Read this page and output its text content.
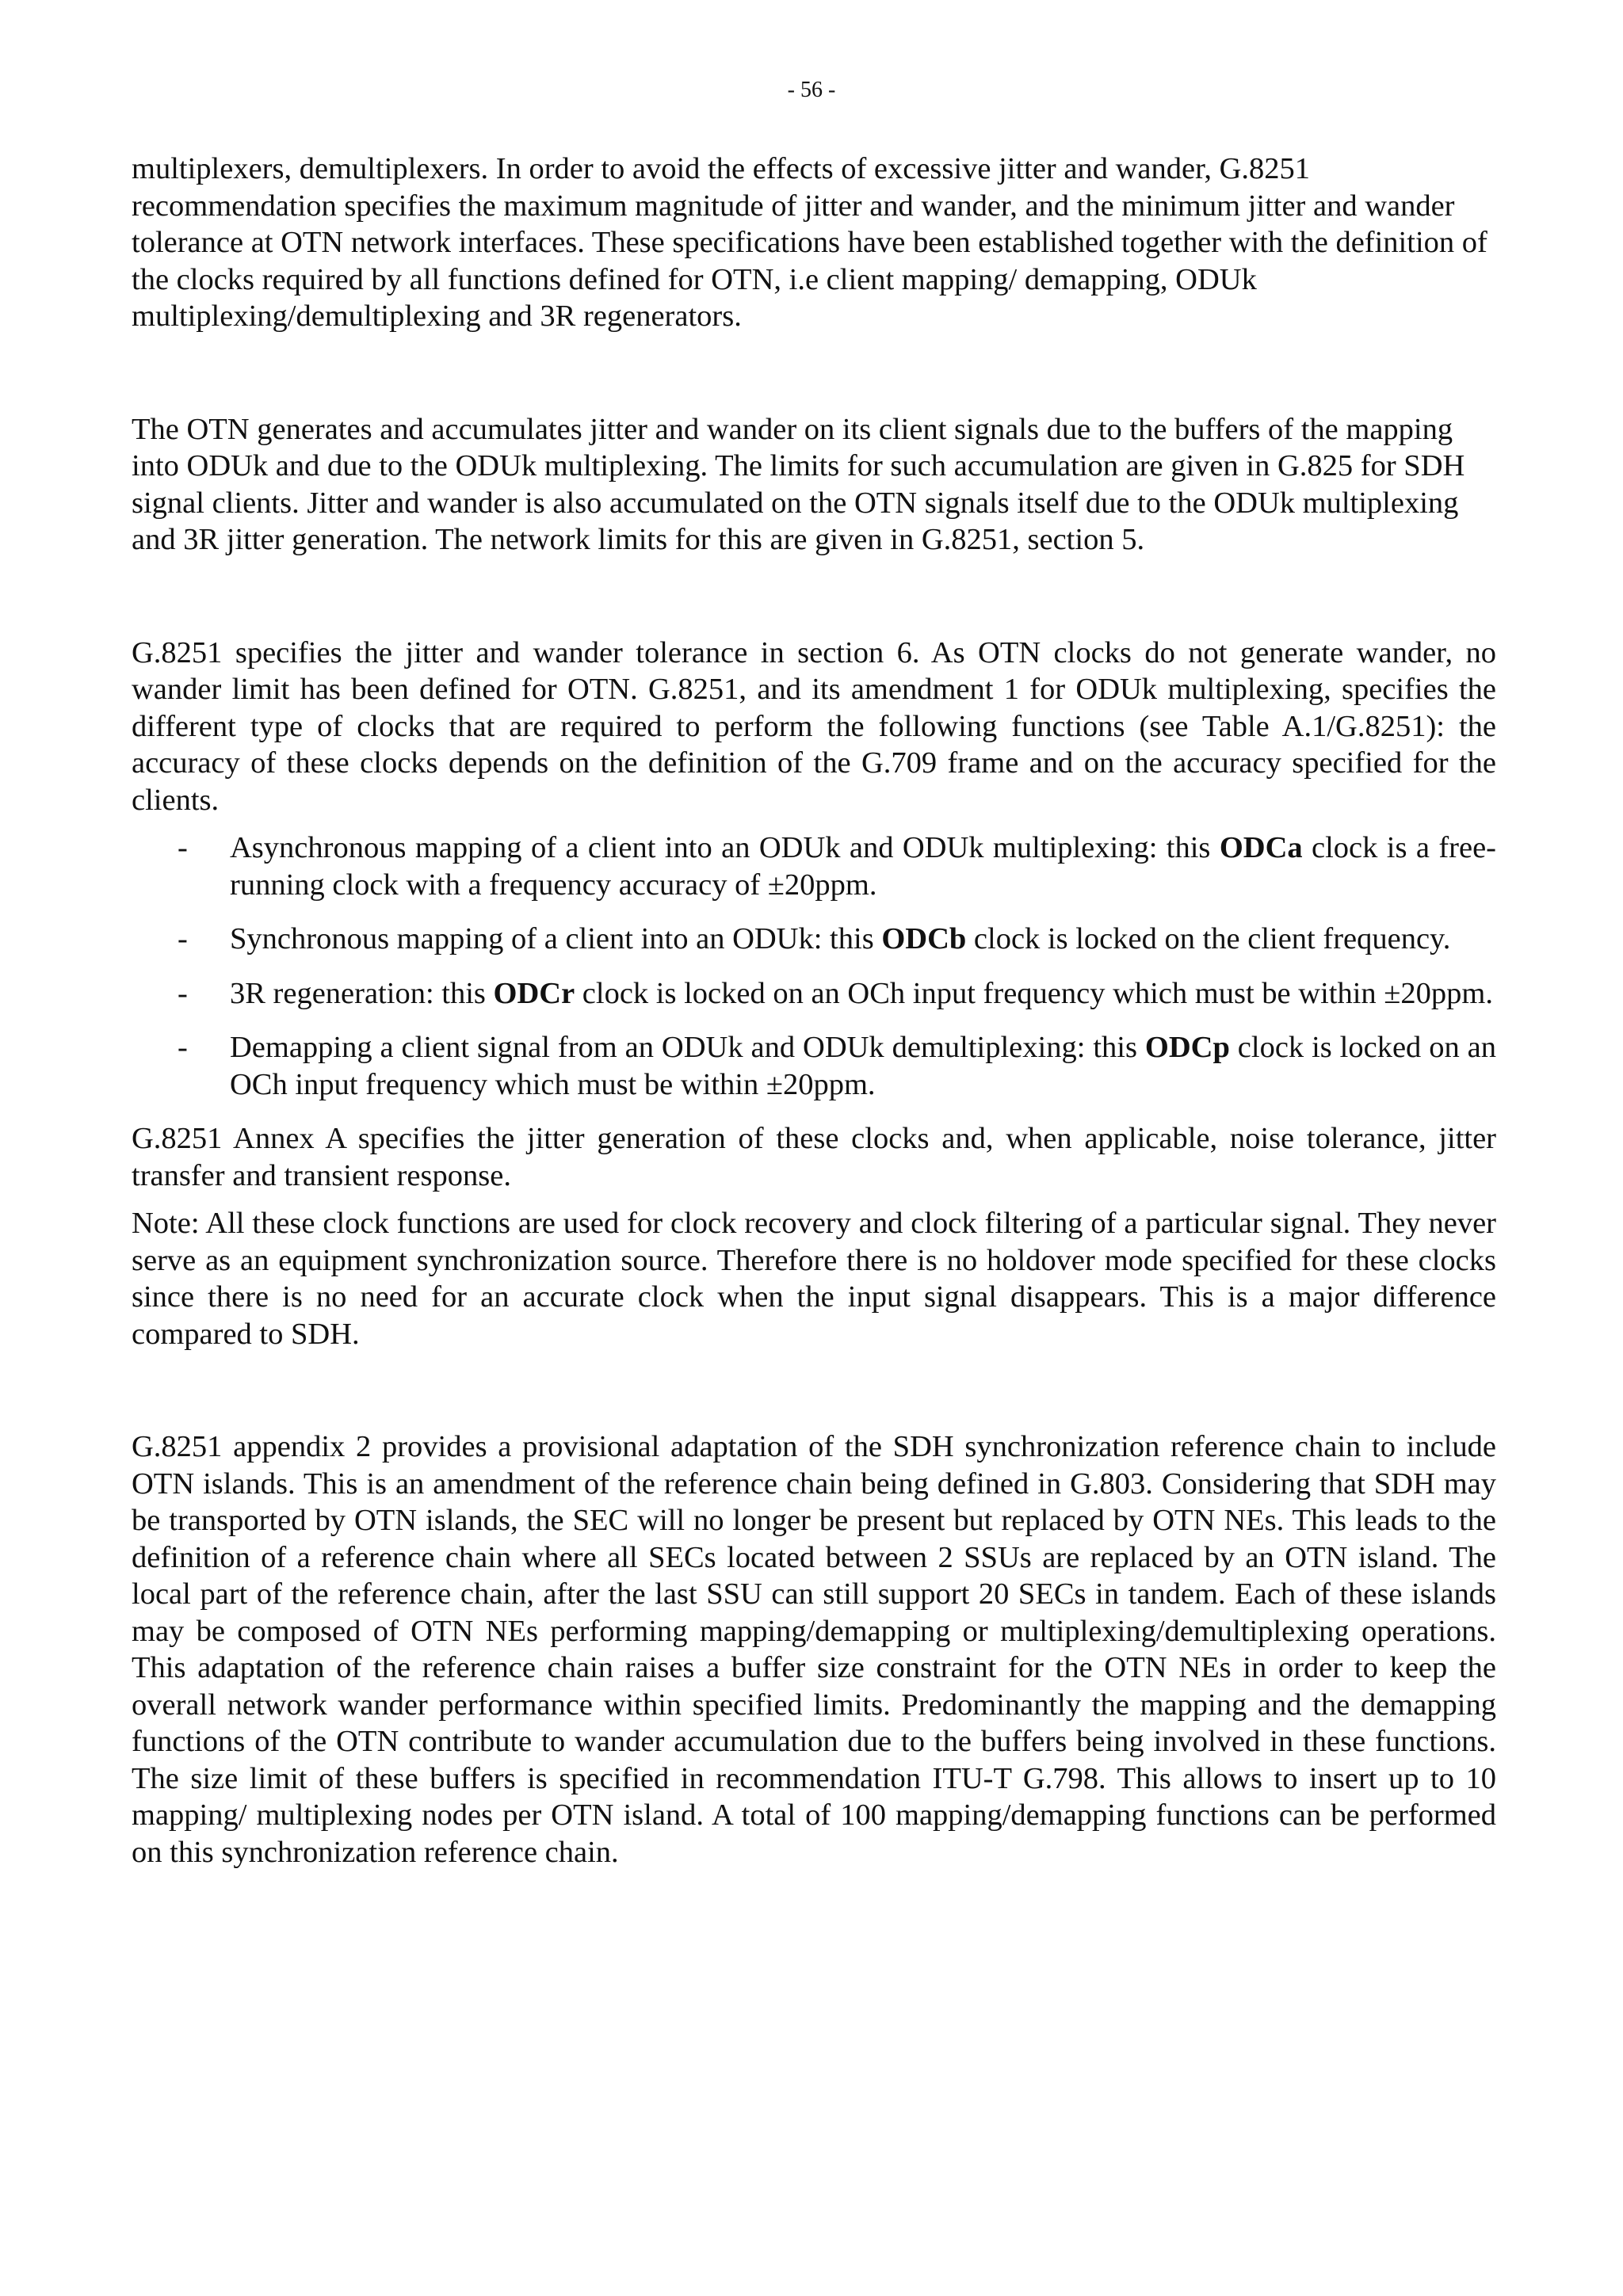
- 56 -

multiplexers, demultiplexers. In order to avoid the effects of excessive jitter and wander, G.8251 recommendation specifies the maximum magnitude of jitter and wander, and the minimum jitter and wander tolerance at OTN network interfaces. These specifications have been established together with the definition of the clocks required by all functions defined for OTN, i.e client mapping/ demapping, ODUk multiplexing/demultiplexing and 3R regenerators.

The OTN generates and accumulates jitter and wander on its client signals due to the buffers of the mapping into ODUk and due to the ODUk multiplexing. The limits for such accumulation are given in G.825 for SDH signal clients. Jitter and wander is also accumulated on the OTN signals itself due to the ODUk multiplexing and 3R jitter generation. The network limits for this are given in G.8251, section 5.

G.8251 specifies the jitter and wander tolerance in section 6. As OTN clocks do not generate wander, no wander limit has been defined for OTN. G.8251, and its amendment 1 for ODUk multiplexing, specifies the different type of clocks that are required to perform the following functions (see Table A.1/G.8251): the accuracy of these clocks depends on the definition of the G.709 frame and on the accuracy specified for the clients.

- Asynchronous mapping of a client into an ODUk and ODUk multiplexing: this ODCa clock is a free- running clock with a frequency accuracy of ±20ppm.
- Synchronous mapping of a client into an ODUk: this ODCb clock is locked on the client frequency.
- 3R regeneration: this ODCr clock is locked on an OCh input frequency which must be within ±20ppm.
- Demapping a client signal from an ODUk and ODUk demultiplexing: this ODCp clock is locked on an OCh input frequency which must be within ±20ppm.

G.8251 Annex A specifies the jitter generation of these clocks and, when applicable, noise tolerance, jitter transfer and transient response.

Note: All these clock functions are used for clock recovery and clock filtering of a particular signal. They never serve as an equipment synchronization source. Therefore there is no holdover mode specified for these clocks since there is no need for an accurate clock when the input signal disappears. This is a major difference compared to SDH.

G.8251 appendix 2 provides a provisional adaptation of the SDH synchronization reference chain to include OTN islands. This is an amendment of the reference chain being defined in G.803. Considering that SDH may be transported by OTN islands, the SEC will no longer be present but replaced by OTN NEs. This leads to the definition of a reference chain where all SECs located between 2 SSUs are replaced by an OTN island. The local part of the reference chain, after the last SSU can still support 20 SECs in tandem. Each of these islands may be composed of OTN NEs performing mapping/demapping or multiplexing/demultiplexing operations. This adaptation of the reference chain raises a buffer size constraint for the OTN NEs in order to keep the overall network wander performance within specified limits. Predominantly the mapping and the demapping functions of the OTN contribute to wander accumulation due to the buffers being involved in these functions. The size limit of these buffers is specified in recommendation ITU-T G.798. This allows to insert up to 10 mapping/ multiplexing nodes per OTN island. A total of 100 mapping/demapping functions can be performed on this synchronization reference chain.
